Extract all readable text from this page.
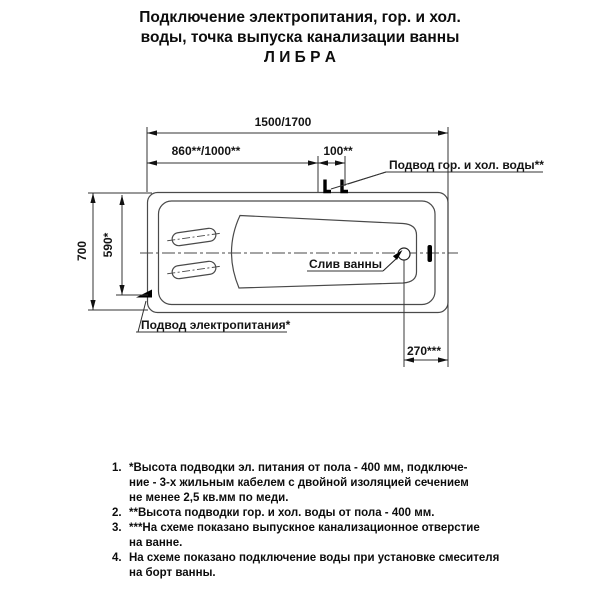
Подключение электропитания, гор. и хол.
воды, точка выпуска канализации ванны
Л И Б Р А
1500/1700
860**/1000**	100**
700 590*
270***
Подвод гор. и хол. воды**
Слив ванны
Подвод электропитания*
1. *Высота подводки эл. питания от пола - 400 мм, подключе-
ние - 3-х жильным кабелем с двойной изоляцией сечением
не менее 2,5 кв.мм по меди.
2. **Высота подводки гор. и хол. воды от пола - 400 мм.
3. ***На схеме показано выпускное канализационное отверстие
на ванне.
4. На схеме показано подключение воды при установке смесителя
на борт ванны.
